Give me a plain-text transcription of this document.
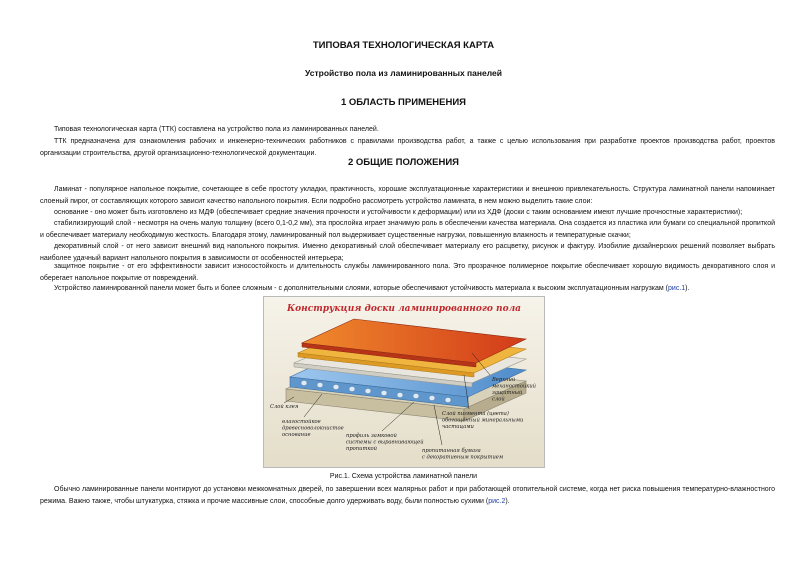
ТИПОВАЯ ТЕХНОЛОГИЧЕСКАЯ КАРТА
Устройство пола из ламинированных панелей
1 ОБЛАСТЬ ПРИМЕНЕНИЯ
Типовая технологическая карта (ТТК) составлена на устройство пола из ламинированных панелей.
ТТК предназначена для ознакомления рабочих и инженерно-технических работников с правилами производства работ, а также с целью использования при разработке проектов производства работ, проектов организации строительства, другой организационно-технологической документации.
2 ОБЩИЕ ПОЛОЖЕНИЯ
Ламинат - популярное напольное покрытие, сочетающее в себе простоту укладки, практичность, хорошие эксплуатационные характеристики и внешнюю привлекательность. Структура ламинатной панели напоминает слоеный пирог, от составляющих которого зависит качество напольного покрытия. Если подробно рассмотреть устройство ламината, в нем можно выделить такие слои:
основание - оно может быть изготовлено из МДФ (обеспечивает средние значения прочности и устойчивости к деформации) или из ХДФ (доски с таким основанием имеют лучшие прочностные характеристики);
стабилизирующий слой - несмотря на очень малую толщину (всего 0,1-0,2 мм), эта прослойка играет значимую роль в обеспечении качества материала. Она создается из пластика или бумаги со специальной пропиткой и обеспечивает материалу необходимую жесткость. Благодаря этому, ламинированный пол выдерживает существенные нагрузки, повышенную влажность и температурные скачки;
декоративный слой - от него зависит внешний вид напольного покрытия. Именно декоративный слой обеспечивает материалу его расцветку, рисунок и фактуру. Изобилие дизайнерских решений позволяет выбрать наиболее удачный вариант напольного покрытия в зависимости от особенностей интерьера;
защитное покрытие - от его эффективности зависит износостойкость и длительность службы ламинированного пола. Это прозрачное полимерное покрытие обеспечивает хорошую видимость декоративного слоя и оберегает напольное покрытие от повреждений.
Устройство ламинированной панели может быть и более сложным - с дополнительными слоями, которые обеспечивают устойчивость материала к высоким эксплуатационным нагрузкам (рис.1).
Конструкция доски ламинированного пола
Верхний механостойкий защитный слой
Слой пигмента (цвета) обогащённый минеральными частицами
Слой клея
влагостойкое древесноволокнистое основание	профиль замковой системы с выравнивающей пропиткой	пропитанная бумага с декоративным покрытием
Рис.1. Схема устройства ламинатной панели
Обычно ламинированные панели монтируют до установки межкомнатных дверей, по завершении всех малярных работ и при работающей отопительной системе, когда нет риска повышения температурно-влажностного режима. Важно также, чтобы штукатурка, стяжка и прочие массивные слои, способные долго удерживать воду, были полностью сухими (рис.2).
